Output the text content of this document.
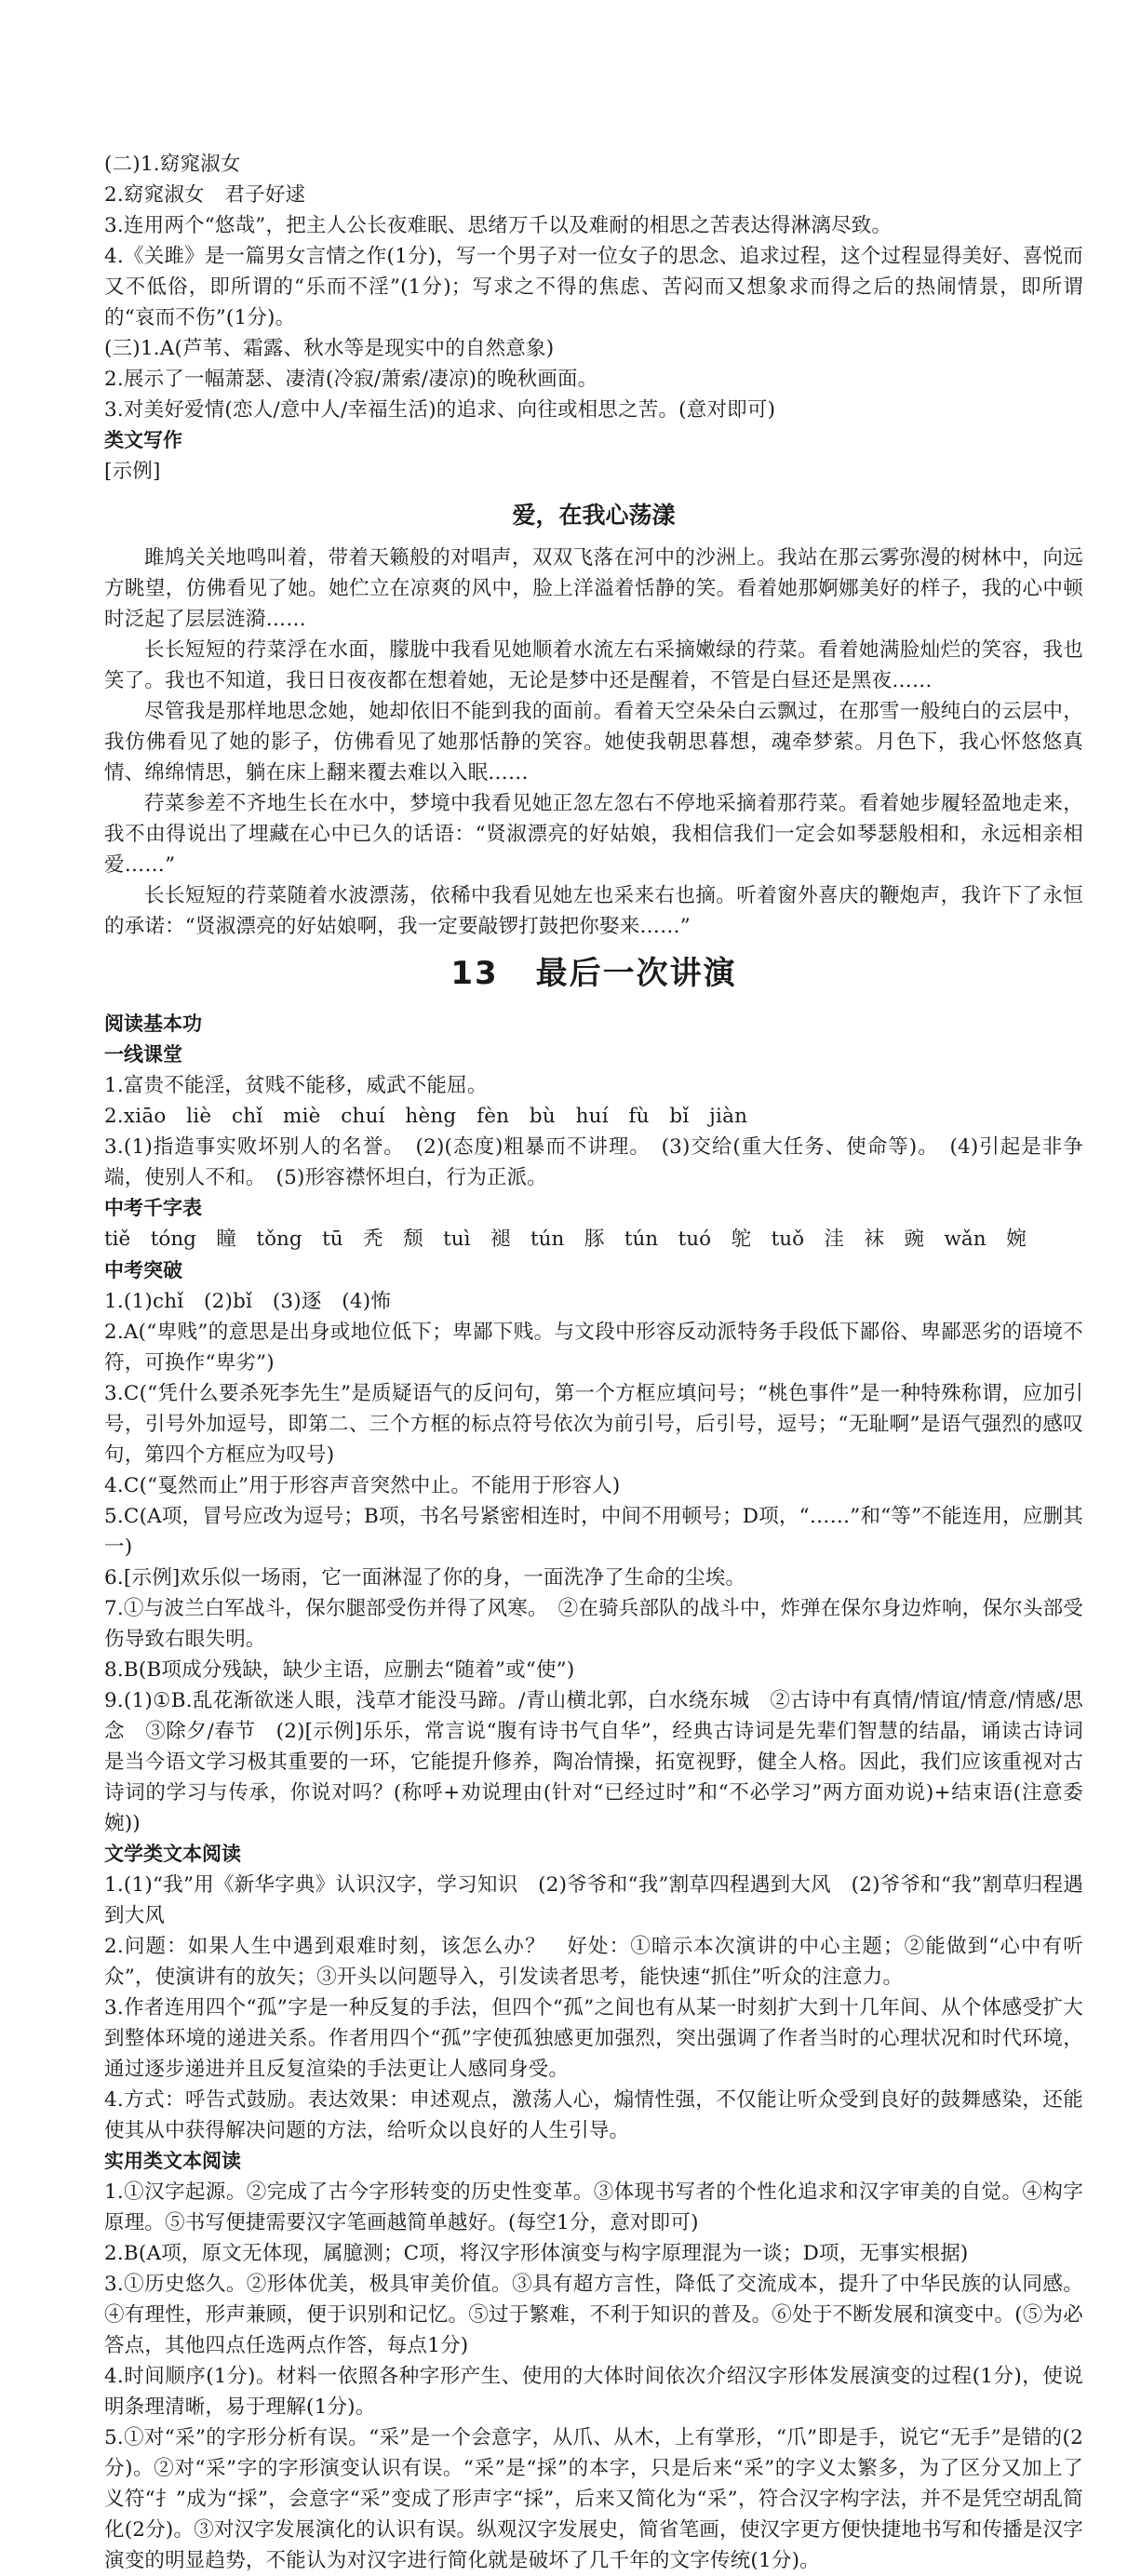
(二)1.窈窕淑女

2.窈窕淑女　君子好逑

3.连用两个“悠哉”，把主人公长夜难眠、思绪万千以及难耐的相思之苦表达得淋漓尽致。

4.《关雎》是一篇男女言情之作(1分)，写一个男子对一位女子的思念、追求过程，这个过程显得美好、喜悦而又不低俗，即所谓的“乐而不淫”(1分)；写求之不得的焦虑、苦闷而又想象求而得之后的热闹情景，即所谓的“哀而不伤”(1分)。

(三)1.A(芦苇、霜露、秋水等是现实中的自然意象)

2.展示了一幅萧瑟、凄清(冷寂/萧索/凄凉)的晚秋画面。

3.对美好爱情(恋人/意中人/幸福生活)的追求、向往或相思之苦。(意对即可)

类文写作

[示例]

爱，在我心荡漾

雎鸠关关地鸣叫着，带着天籁般的对唱声，双双飞落在河中的沙洲上。我站在那云雾弥漫的树林中，向远方眺望，仿佛看见了她。她伫立在凉爽的风中，脸上洋溢着恬静的笑。看着她那婀娜美好的样子，我的心中顿时泛起了层层涟漪……

长长短短的荇菜浮在水面，朦胧中我看见她顺着水流左右采摘嫩绿的荇菜。看着她满脸灿烂的笑容，我也笑了。我也不知道，我日日夜夜都在想着她，无论是梦中还是醒着，不管是白昼还是黑夜……

尽管我是那样地思念她，她却依旧不能到我的面前。看着天空朵朵白云飘过，在那雪一般纯白的云层中，我仿佛看见了她的影子，仿佛看见了她那恬静的笑容。她使我朝思暮想，魂牵梦萦。月色下，我心怀悠悠真情、绵绵情思，躺在床上翻来覆去难以入眠……

荇菜参差不齐地生长在水中，梦境中我看见她正忽左忽右不停地采摘着那荇菜。看着她步履轻盈地走来，我不由得说出了埋藏在心中已久的话语：“贤淑漂亮的好姑娘，我相信我们一定会如琴瑟般相和，永远相亲相爱……”

长长短短的荇菜随着水波漂荡，依稀中我看见她左也采来右也摘。听着窗外喜庆的鞭炮声，我许下了永恒的承诺：“贤淑漂亮的好姑娘啊，我一定要敲锣打鼓把你娶来……”

13 最后一次讲演

阅读基本功

一线课堂

1.富贵不能淫，贫贱不能移，威武不能屈。

2.xiāo　liè　chǐ　miè　chuí　hèng　fèn　bù　huí　fù　bǐ　jiàn

3.(1)指造事实败坏别人的名誉。　(2)(态度)粗暴而不讲理。　(3)交给(重大任务、使命等)。　(4)引起是非争端，使别人不和。　(5)形容襟怀坦白，行为正派。

中考千字表

tiě　tóng　瞳　tǒng　tū　秃　颓　tuì　褪　tún　豚　tún　tuó　鸵　tuǒ　洼　袜　豌　wǎn　婉

中考突破

1.(1)chǐ　(2)bǐ　(3)逐　(4)怖

2.A(“卑贱”的意思是出身或地位低下；卑鄙下贱。与文段中形容反动派特务手段低下鄙俗、卑鄙恶劣的语境不符，可换作“卑劣”)

3.C(“凭什么要杀死李先生”是质疑语气的反问句，第一个方框应填问号；“桃色事件”是一种特殊称谓，应加引号，引号外加逗号，即第二、三个方框的标点符号依次为前引号，后引号，逗号；“无耻啊”是语气强烈的感叹句，第四个方框应为叹号)

4.C(“戛然而止”用于形容声音突然中止。不能用于形容人)

5.C(A项，冒号应改为逗号；B项，书名号紧密相连时，中间不用顿号；D项，“……”和“等”不能连用，应删其一)

6.[示例]欢乐似一场雨，它一面淋湿了你的身，一面洗净了生命的尘埃。

7.①与波兰白军战斗，保尔腿部受伤并得了风寒。　②在骑兵部队的战斗中，炸弹在保尔身边炸响，保尔头部受伤导致右眼失明。

8.B(B项成分残缺，缺少主语，应删去“随着”或“使”)

9.(1)①B.乱花渐欲迷人眼，浅草才能没马蹄。/青山横北郭，白水绕东城　②古诗中有真情/情谊/情意/情感/思念　③除夕/春节　(2)[示例]乐乐，常言说“腹有诗书气自华”，经典古诗词是先辈们智慧的结晶，诵读古诗词是当今语文学习极其重要的一环，它能提升修养，陶冶情操，拓宽视野，健全人格。因此，我们应该重视对古诗词的学习与传承，你说对吗？(称呼+劝说理由(针对“已经过时”和“不必学习”两方面劝说)+结束语(注意委婉))

文学类文本阅读

1.(1)“我”用《新华字典》认识汉字，学习知识　(2)爷爷和“我”割草四程遇到大风　(2)爷爷和“我”割草归程遇到大风

2.问题：如果人生中遇到艰难时刻，该怎么办？　好处：①暗示本次演讲的中心主题；②能做到“心中有听众”，使演讲有的放矢；③开头以问题导入，引发读者思考，能快速“抓住”听众的注意力。

3.作者连用四个“孤”字是一种反复的手法，但四个“孤”之间也有从某一时刻扩大到十几年间、从个体感受扩大到整体环境的递进关系。作者用四个“孤”字使孤独感更加强烈，突出强调了作者当时的心理状况和时代环境，通过逐步递进并且反复渲染的手法更让人感同身受。

4.方式：呼告式鼓励。表达效果：申述观点，激荡人心，煽情性强，不仅能让听众受到良好的鼓舞感染，还能使其从中获得解决问题的方法，给听众以良好的人生引导。

实用类文本阅读

1.①汉字起源。②完成了古今字形转变的历史性变革。③体现书写者的个性化追求和汉字审美的自觉。④构字原理。⑤书写便捷需要汉字笔画越简单越好。(每空1分，意对即可)

2.B(A项，原文无体现，属臆测；C项，将汉字形体演变与构字原理混为一谈；D项，无事实根据)

3.①历史悠久。②形体优美，极具审美价值。③具有超方言性，降低了交流成本，提升了中华民族的认同感。④有理性，形声兼顾，便于识别和记忆。⑤过于繁难，不利于知识的普及。⑥处于不断发展和演变中。(⑤为必答点，其他四点任选两点作答，每点1分)

4.时间顺序(1分)。材料一依照各种字形产生、使用的大体时间依次介绍汉字形体发展演变的过程(1分)，使说明条理清晰，易于理解(1分)。

5.①对“采”的字形分析有误。“采”是一个会意字，从爪、从木，上有掌形，“爪”即是手，说它“无手”是错的(2分)。②对“采”字的字形演变认识有误。“采”是“採”的本字，只是后来“采”的字义太繁多，为了区分又加上了义符“扌”成为“採”，会意字“采”变成了形声字“採”，后来又简化为“采”，符合汉字构字法，并不是凭空胡乱简化(2分)。③对汉字发展演化的认识有误。纵观汉字发展史，简省笔画，使汉字更方便快捷地书写和传播是汉字演变的明显趋势，不能认为对汉字进行简化就是破坏了几千年的文字传统(1分)。
